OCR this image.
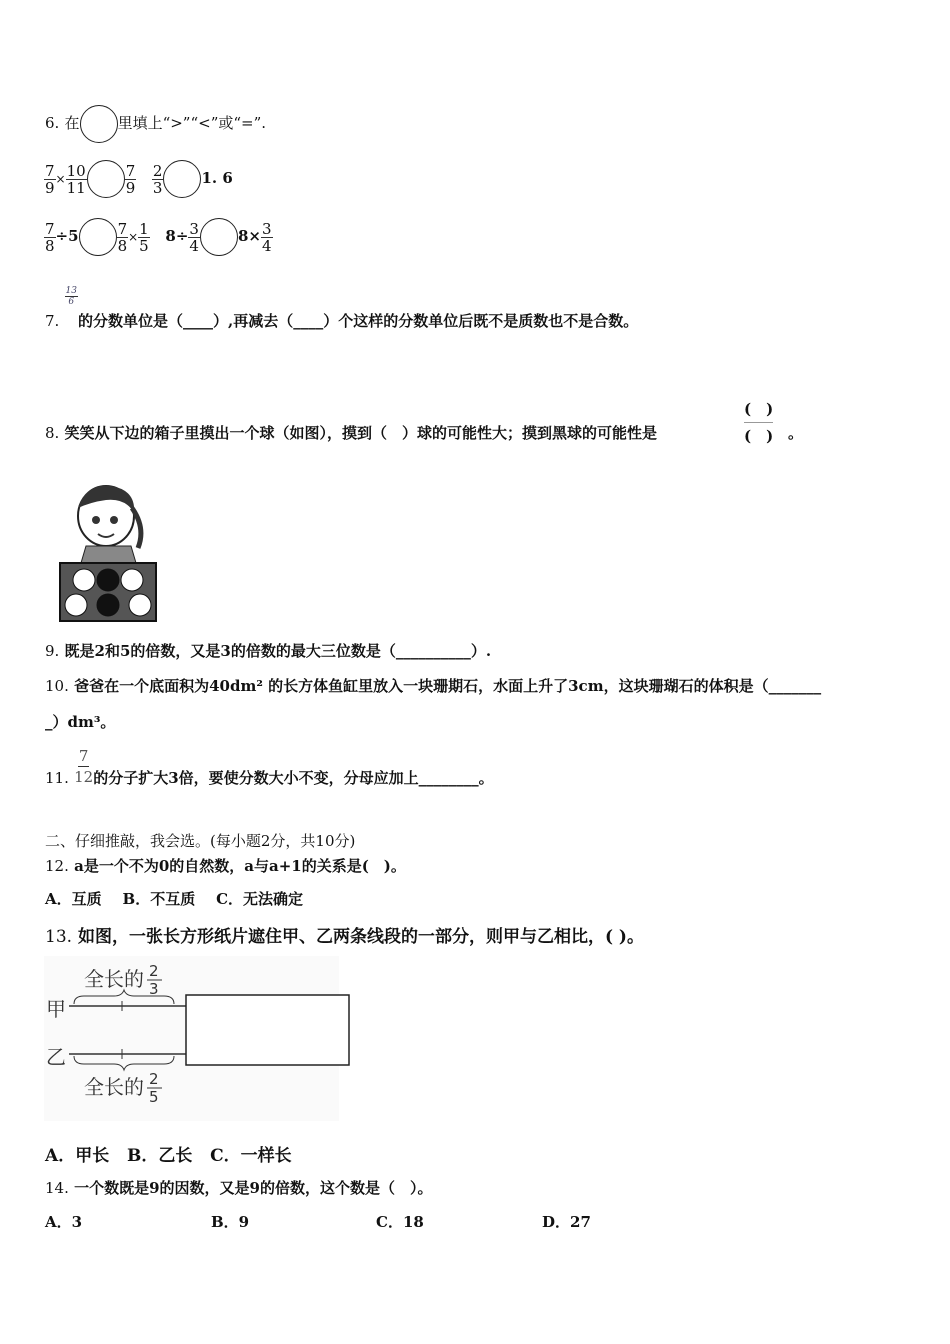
6. 在	里填上“>”“<”或“=”.
$\frac{7}{9} \times \frac{10}{11}$	$\frac{7}{9}$
$\frac{2}{3}$	1. 6
$\frac{7}{8} \div 5$	$\frac{7}{8} \times \frac{1}{5} 8\div \frac{3}{4}$	$8\times \frac{3}{4}$
7.
$\frac{13}{6}$
的分数单位是（____）,再减去（____）个这样的分数单位后既不是质数也不是合数。
8. 笑笑从下边的箱子里摸出一个球（如图），摸到（　）球的可能性大；摸到黑球的可能性是
(　)
(　) 。
9. 既是2和5的倍数，又是3的倍数的最大三位数是（__________）.
10. 爸爸在一个底面积为40dm² 的长方体鱼缸里放入一块珊期石，水面上升了3cm，这块珊瑚石的体积是（_______
_）dm³。
11. $\frac{7}{12}$ 的分子扩大3倍，要使分数大小不变，分母应加上________。
二、仔细推敲，我会选。(每小题2分，共10分)
12. a是一个不为0的自然数，a与a+1的关系是(　)。
A．互质 B．不互质 C．无法确定
13. 如图，一张长方形纸片遮住甲、乙两条线段的一部分，则甲与乙相比，( )。
全长的 2
3
甲
乙
全长的 2
5
A．甲长 B．乙长 C．一样长
14. 一个数既是9的因数，又是9的倍数，这个数是（　）。
A．3	B．9	C．18	D．27
